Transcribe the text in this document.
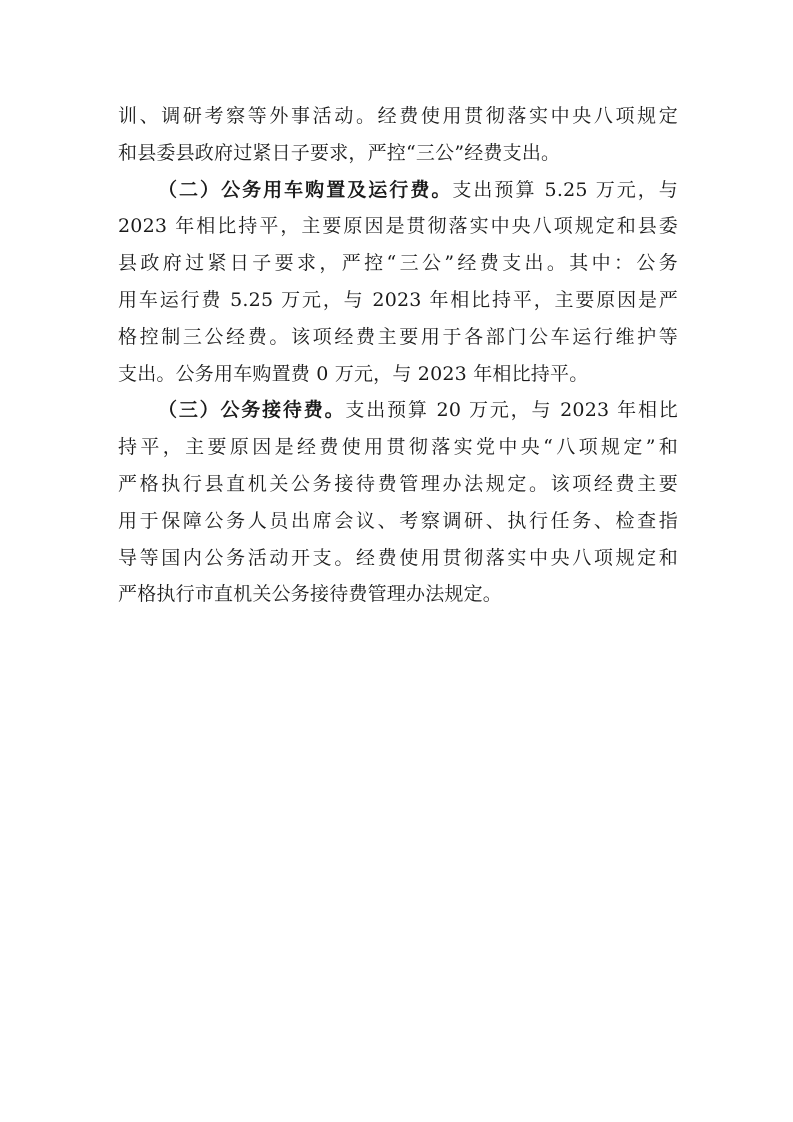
训、调研考察等外事活动。经费使用贯彻落实中央八项规定
和县委县政府过紧日子要求，严控“三公”经费支出。
（二）公务用车购置及运行费。支出预算 5.25 万元，与
2023 年相比持平，主要原因是贯彻落实中央八项规定和县委
县政府过紧日子要求，严控“三公”经费支出。其中：公务
用车运行费 5.25 万元，与 2023 年相比持平，主要原因是严
格控制三公经费。该项经费主要用于各部门公车运行维护等
支出。公务用车购置费 0 万元，与 2023 年相比持平。
（三）公务接待费。支出预算 20 万元，与 2023 年相比
持平，主要原因是经费使用贯彻落实党中央“八项规定”和
严格执行县直机关公务接待费管理办法规定。该项经费主要
用于保障公务人员出席会议、考察调研、执行任务、检查指
导等国内公务活动开支。经费使用贯彻落实中央八项规定和
严格执行市直机关公务接待费管理办法规定。
